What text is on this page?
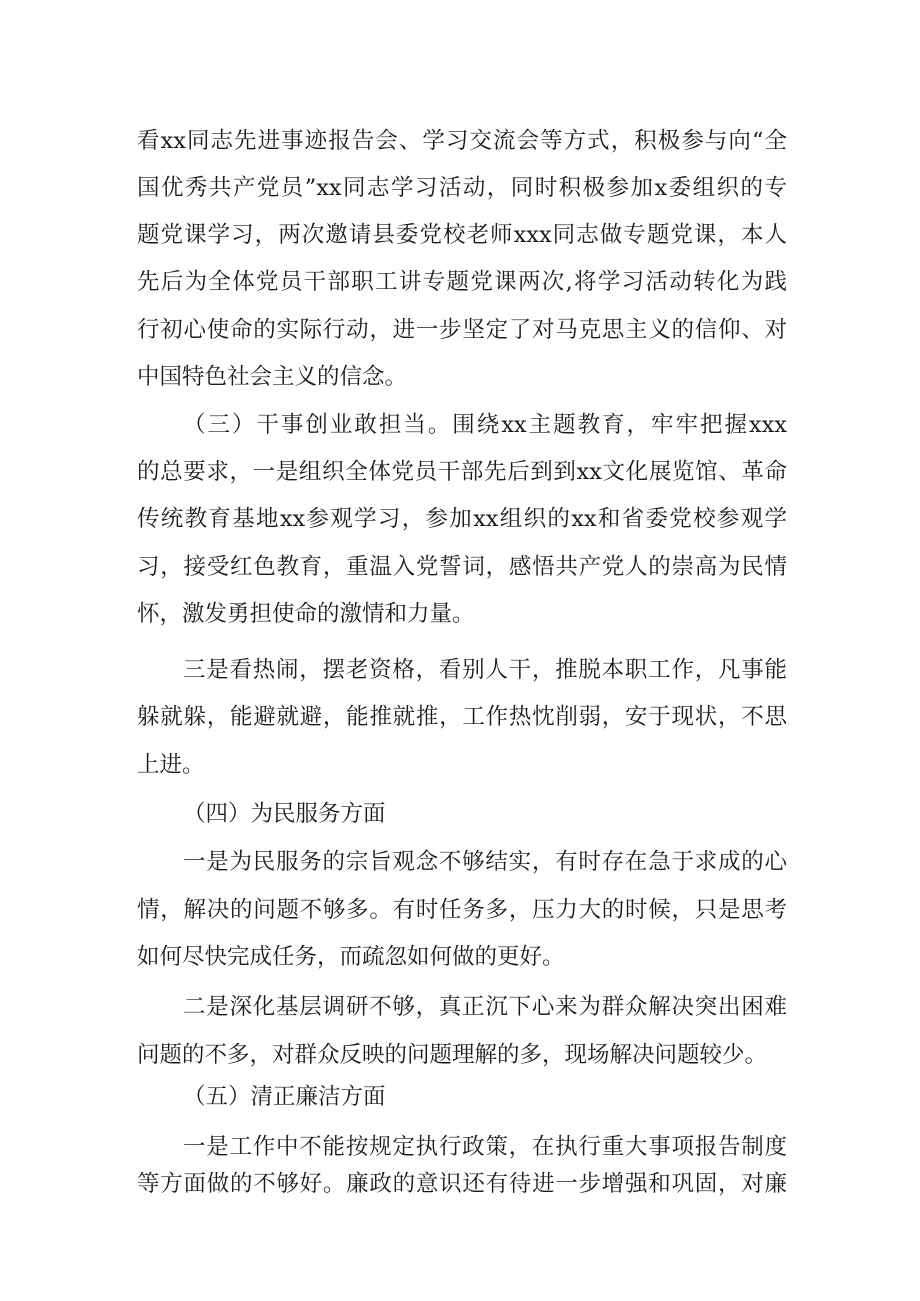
看xx同志先进事迹报告会、学习交流会等方式，积极参与向“全
国优秀共产党员”xx同志学习活动，同时积极参加x委组织的专
题党课学习，两次邀请县委党校老师xxx同志做专题党课，本人
先后为全体党员干部职工讲专题党课两次,将学习活动转化为践
行初心使命的实际行动，进一步坚定了对马克思主义的信仰、对
中国特色社会主义的信念。
（三）干事创业敢担当。围绕xx主题教育，牢牢把握xxx
的总要求，一是组织全体党员干部先后到到xx文化展览馆、革命
传统教育基地xx参观学习，参加xx组织的xx和省委党校参观学
习，接受红色教育，重温入党誓词，感悟共产党人的崇高为民情
怀，激发勇担使命的激情和力量。
三是看热闹，摆老资格，看别人干，推脱本职工作，凡事能
躲就躲，能避就避，能推就推，工作热忱削弱，安于现状，不思
上进。
（四）为民服务方面
一是为民服务的宗旨观念不够结实，有时存在急于求成的心
情，解决的问题不够多。有时任务多，压力大的时候，只是思考
如何尽快完成任务，而疏忽如何做的更好。
二是深化基层调研不够，真正沉下心来为群众解决突出困难
问题的不多，对群众反映的问题理解的多，现场解决问题较少。
（五）清正廉洁方面
一是工作中不能按规定执行政策，在执行重大事项报告制度
等方面做的不够好。廉政的意识还有待进一步增强和巩固，对廉
